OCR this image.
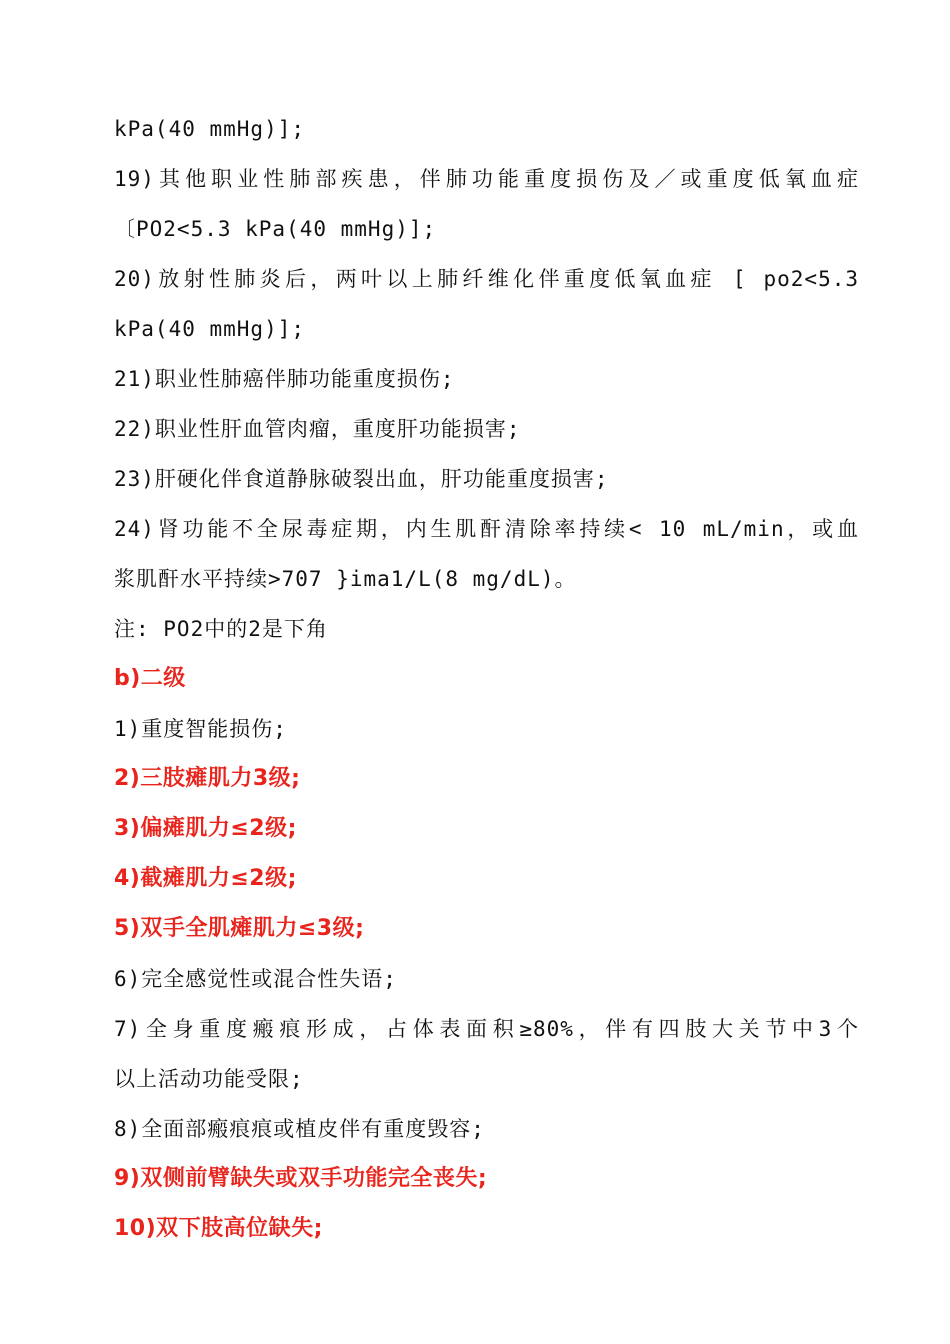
kPa(40 mmHg)];
19)其他职业性肺部疾患，伴肺功能重度损伤及／或重度低氧血症
〔PO2<5.3 kPa(40 mmHg)];
20)放射性肺炎后，两叶以上肺纤维化伴重度低氧血症 [ po2<5.3
kPa(40 mmHg)];
21)职业性肺癌伴肺功能重度损伤;
22)职业性肝血管肉瘤，重度肝功能损害;
23)肝硬化伴食道静脉破裂出血，肝功能重度损害;
24)肾功能不全尿毒症期，内生肌酐清除率持续< 10 mL/min，或血
浆肌酐水平持续>707 }ima1/L(8 mg/dL)。
注: PO2中的2是下角
b)二级
1)重度智能损伤;
2)三肢瘫肌力3级;
3)偏瘫肌力≤2级;
4)截瘫肌力≤2级;
5)双手全肌瘫肌力≤3级;
6)完全感觉性或混合性失语;
7)全身重度瘢痕形成，占体表面积≥80%，伴有四肢大关节中3个
以上活动功能受限;
8)全面部瘢痕痕或植皮伴有重度毁容;
9)双侧前臂缺失或双手功能完全丧失;
10)双下肢高位缺失;
